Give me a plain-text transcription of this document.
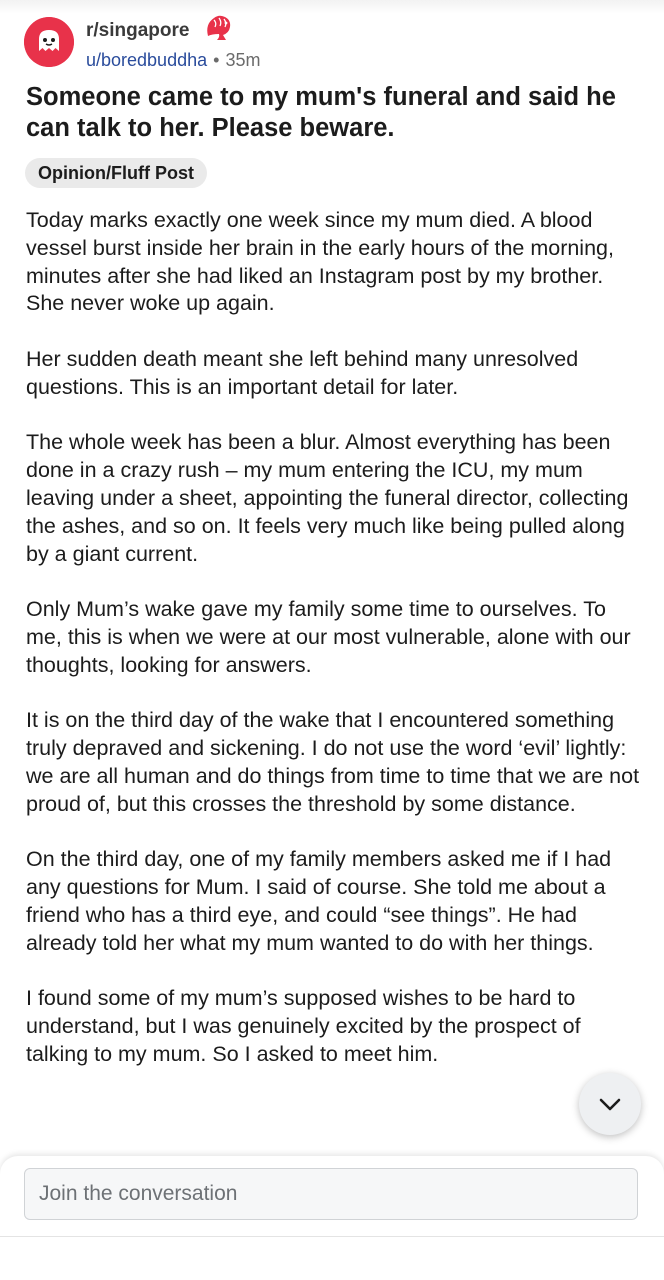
r/singapore
u/boredbuddha • 35m
Someone came to my mum's funeral and said he can talk to her. Please beware.
Opinion/Fluff Post

Today marks exactly one week since my mum died. A blood vessel burst inside her brain in the early hours of the morning, minutes after she had liked an Instagram post by my brother. She never woke up again.

Her sudden death meant she left behind many unresolved questions. This is an important detail for later.

The whole week has been a blur. Almost everything has been done in a crazy rush – my mum entering the ICU, my mum leaving under a sheet, appointing the funeral director, collecting the ashes, and so on. It feels very much like being pulled along by a giant current.

Only Mum’s wake gave my family some time to ourselves. To me, this is when we were at our most vulnerable, alone with our thoughts, looking for answers.

It is on the third day of the wake that I encountered something truly depraved and sickening. I do not use the word ‘evil’ lightly: we are all human and do things from time to time that we are not proud of, but this crosses the threshold by some distance.

On the third day, one of my family members asked me if I had any questions for Mum. I said of course. She told me about a friend who has a third eye, and could “see things”. He had already told her what my mum wanted to do with her things.

I found some of my mum’s supposed wishes to be hard to understand, but I was genuinely excited by the prospect of talking to my mum. So I asked to meet him.

Join the conversation
